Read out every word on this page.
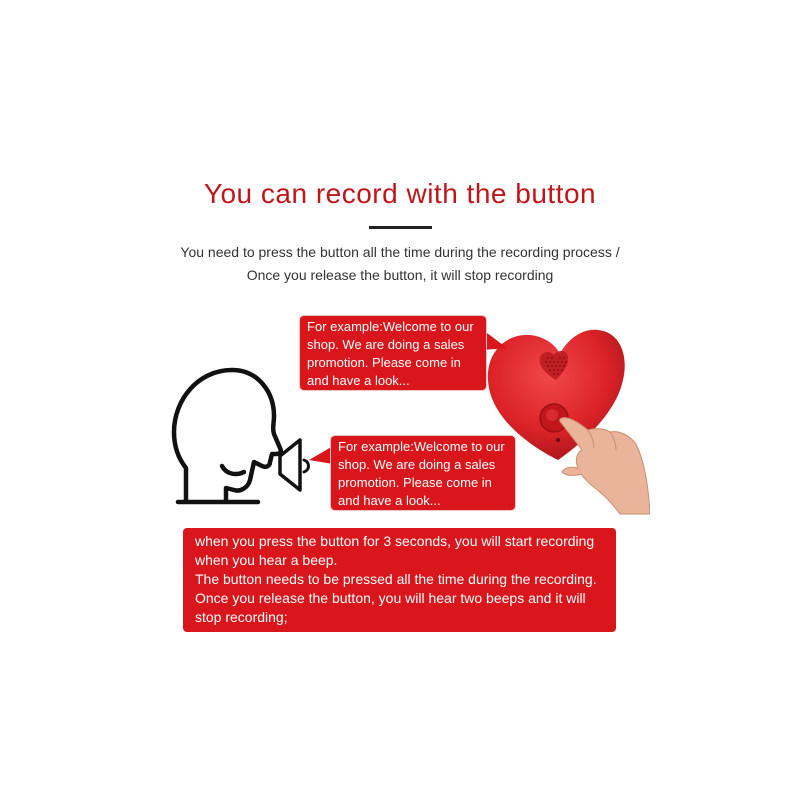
You can record with the button
You need to press the button all the time during the recording process /
Once you release the button, it will stop recording
For example:Welcome to our
shop. We are doing a sales
promotion. Please come in
and have a look...
For example:Welcome to our
shop. We are doing a sales
promotion. Please come in
and have a look...
when you press the button for 3 seconds, you will start recording
when you hear a beep.
The button needs to be pressed all the time during the recording.
Once you release the button, you will hear two beeps and it will
stop recording;
